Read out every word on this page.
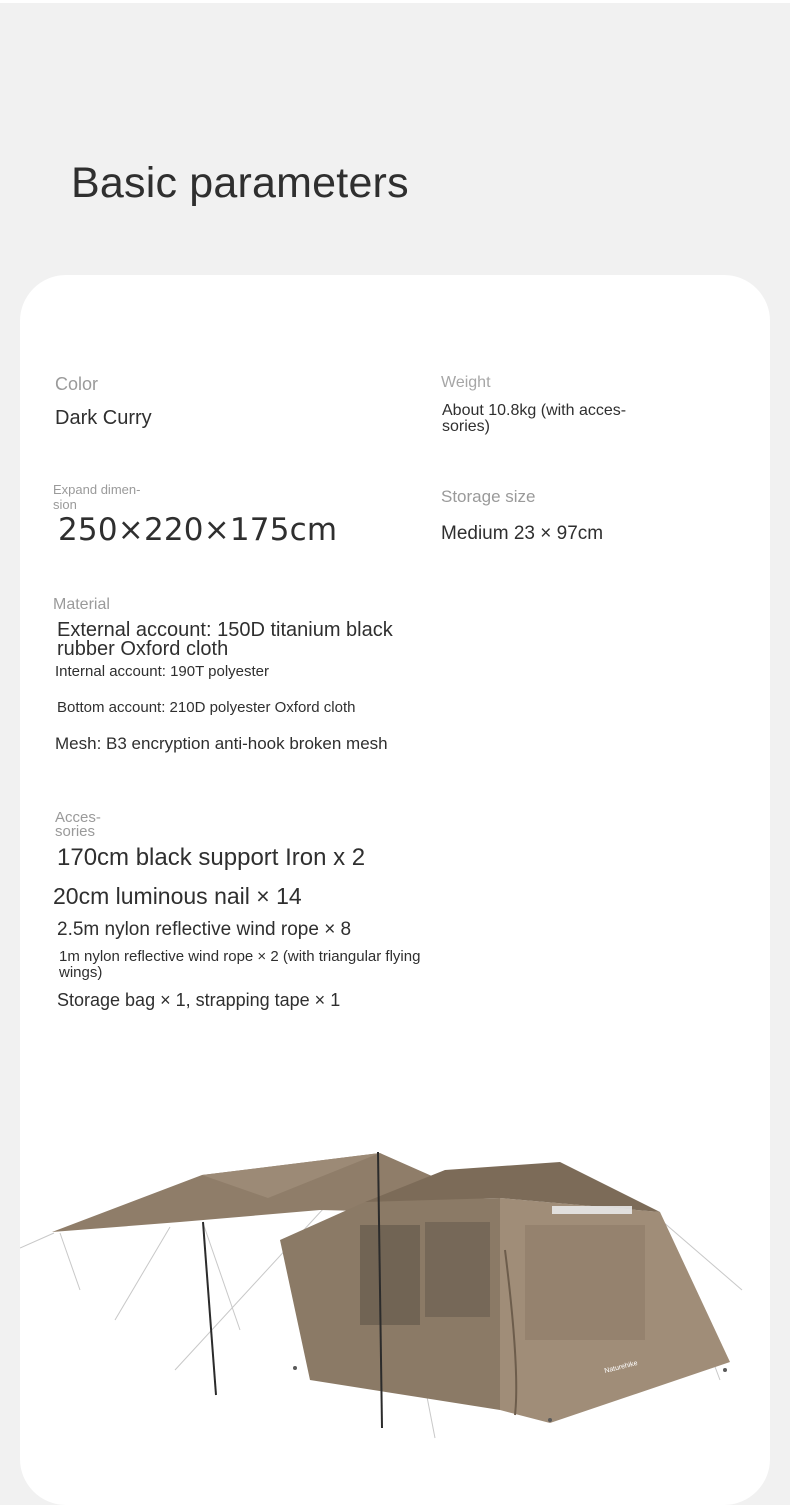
Basic parameters
Color
Dark Curry
Weight
About 10.8kg (with acces- sories)
Expand dimen- sion
250×220×175cm
Storage size
Medium 23 × 97cm
Material
External account: 150D titanium black rubber Oxford cloth
Internal account: 190T polyester
Bottom account: 210D polyester Oxford cloth
Mesh: B3 encryption anti-hook broken mesh
Acces- sories
170cm black support Iron x 2
20cm luminous nail × 14
2.5m nylon reflective wind rope × 8
1m nylon reflective wind rope × 2 (with triangular flying wings)
Storage bag × 1, strapping tape × 1
Naturehike
